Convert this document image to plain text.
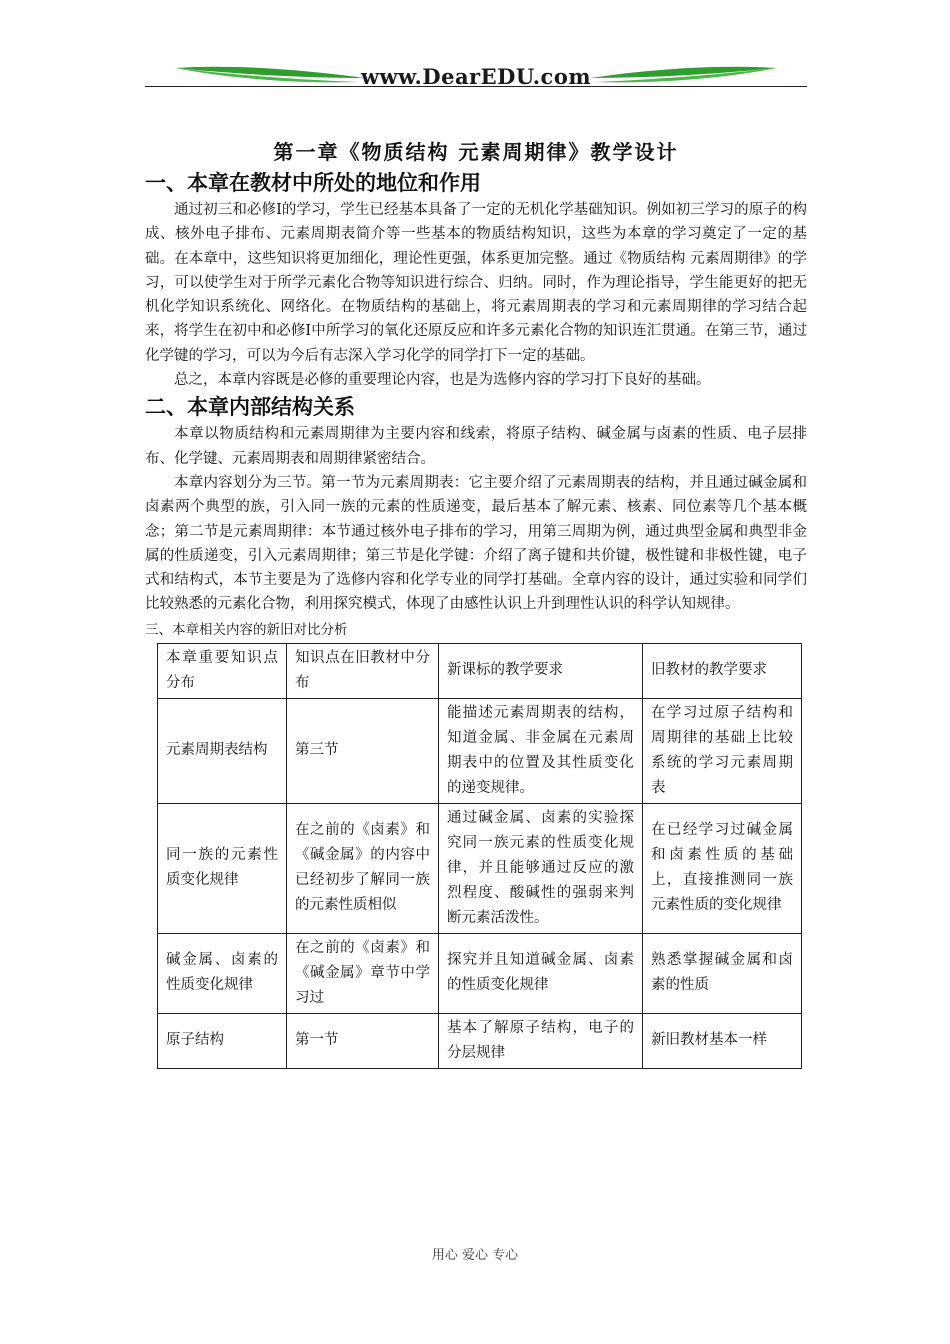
www.DearEDU.com
第一章《物质结构 元素周期律》教学设计
一、本章在教材中所处的地位和作用

通过初三和必修Ⅰ的学习，学生已经基本具备了一定的无机化学基础知识。例如初三学习的原子的构成、核外电子排布、元素周期表简介等一些基本的物质结构知识，这些为本章的学习奠定了一定的基础。在本章中，这些知识将更加细化，理论性更强，体系更加完整。通过《物质结构 元素周期律》的学习，可以使学生对于所学元素化合物等知识进行综合、归纳。同时，作为理论指导，学生能更好的把无机化学知识系统化、网络化。在物质结构的基础上，将元素周期表的学习和元素周期律的学习结合起来，将学生在初中和必修Ⅰ中所学习的氧化还原反应和许多元素化合物的知识连汇贯通。在第三节，通过化学键的学习，可以为今后有志深入学习化学的同学打下一定的基础。

总之，本章内容既是必修的重要理论内容，也是为选修内容的学习打下良好的基础。

二、本章内部结构关系

本章以物质结构和元素周期律为主要内容和线索，将原子结构、碱金属与卤素的性质、电子层排布、化学键、元素周期表和周期律紧密结合。

本章内容划分为三节。第一节为元素周期表：它主要介绍了元素周期表的结构，并且通过碱金属和卤素两个典型的族，引入同一族的元素的性质递变，最后基本了解元素、核素、同位素等几个基本概念；第二节是元素周期律：本节通过核外电子排布的学习，用第三周期为例，通过典型金属和典型非金属的性质递变，引入元素周期律；第三节是化学键：介绍了离子键和共价键，极性键和非极性键，电子式和结构式，本节主要是为了选修内容和化学专业的同学打基础。全章内容的设计，通过实验和同学们比较熟悉的元素化合物，利用探究模式，体现了由感性认识上升到理性认识的科学认知规律。

三、本章相关内容的新旧对比分析
本章重要知识点分布	知识点在旧教材中分布	新课标的教学要求	旧教材的教学要求
元素周期表结构	第三节	能描述元素周期表的结构，知道金属、非金属在元素周期表中的位置及其性质变化的递变规律。	在学习过原子结构和周期律的基础上比较系统的学习元素周期表
同一族的元素性质变化规律	在之前的《卤素》和《碱金属》的内容中已经初步了解同一族的元素性质相似	通过碱金属、卤素的实验探究同一族元素的性质变化规律，并且能够通过反应的激烈程度、酸碱性的强弱来判断元素活泼性。	在已经学习过碱金属和卤素性质的基础上，直接推测同一族元素性质的变化规律
碱金属、卤素的性质变化规律	在之前的《卤素》和《碱金属》章节中学习过	探究并且知道碱金属、卤素的性质变化规律	熟悉掌握碱金属和卤素的性质
原子结构	第一节	基本了解原子结构，电子的分层规律	新旧教材基本一样
用心 爱心 专心
